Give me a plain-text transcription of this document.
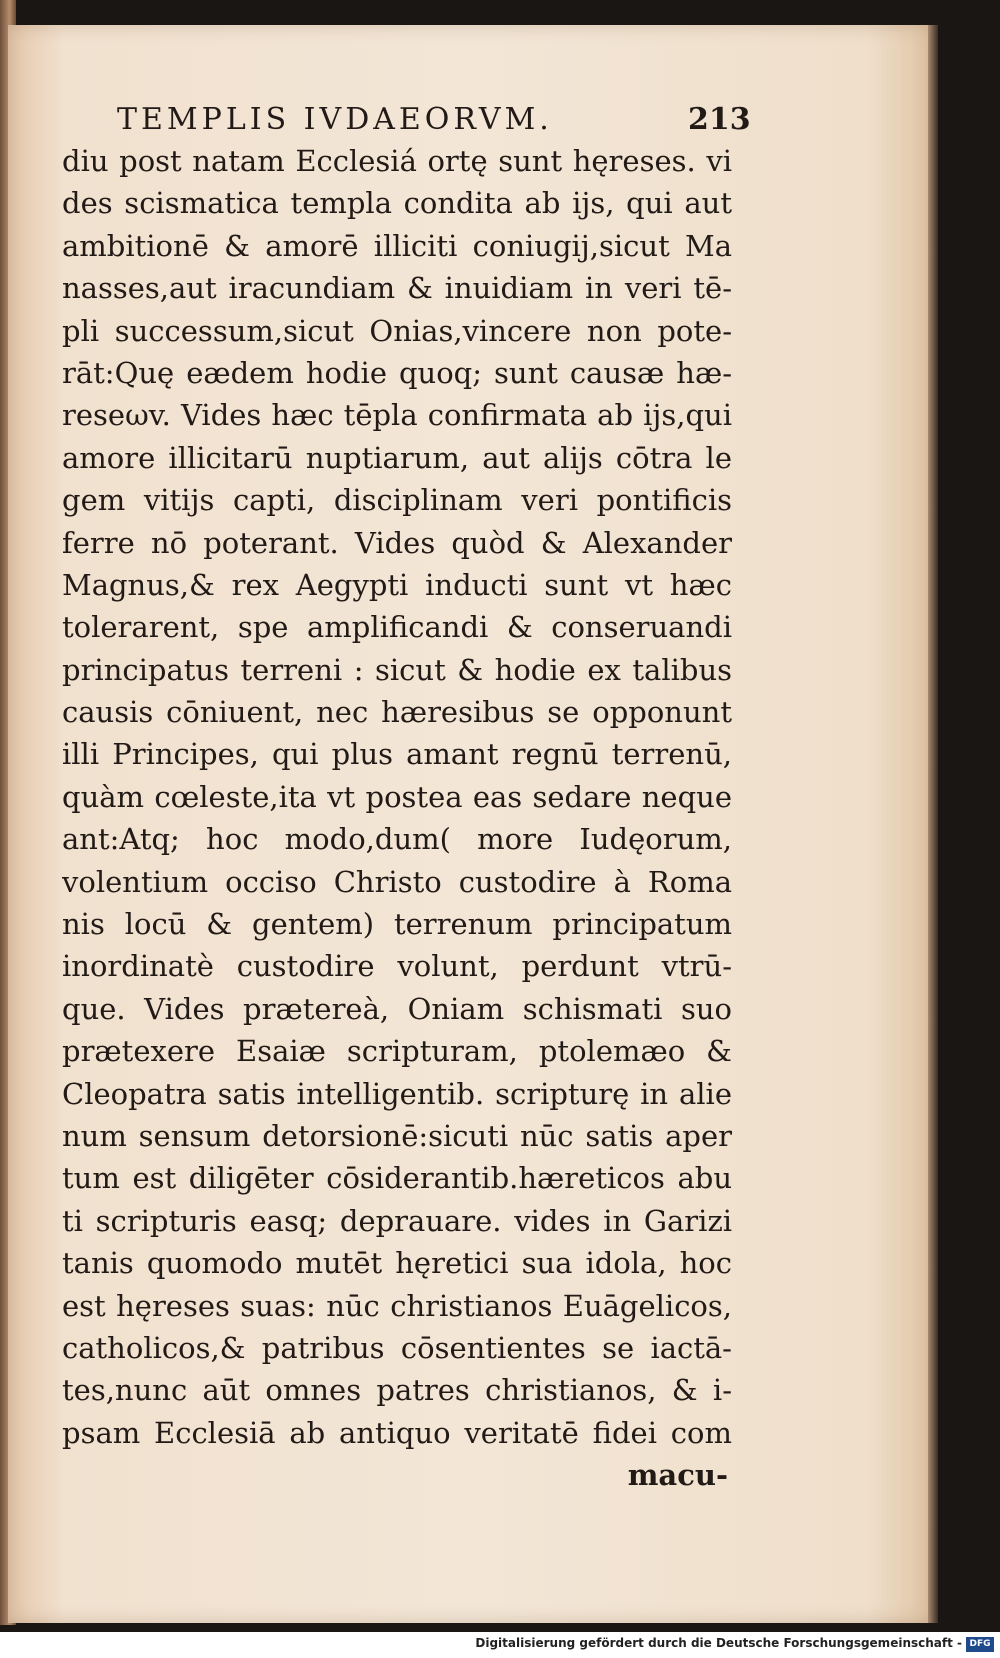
TEMPLIS IVDAEORVM.	213
diu post natam Ecclesiá ortę sunt hęreses. vi
des scismatica templa condita ab ijs, qui aut
ambitionē & amorē illiciti coniugij,sicut Ma
nasses,aut iracundiam & inuidiam in veri tē-
pli successum,sicut Onias,vincere non pote-
rāt:Quę eædem hodie quoq; sunt causæ hæ-
reseωv. Vides hæc tēpla confirmata ab ijs,qui
amore illicitarū nuptiarum, aut alijs cōtra le
gem vitijs capti, disciplinam veri pontificis
ferre nō poterant. Vides quòd & Alexander
Magnus,& rex Aegypti inducti sunt vt hæc
tolerarent, spe amplificandi & conseruandi
principatus terreni : sicut & hodie ex talibus
causis cōniuent, nec hæresibus se opponunt
illi Principes, qui plus amant regnū terrenū,
quàm cœleste,ita vt postea eas sedare neque
ant:Atq; hoc modo,dum( more Iudęorum,
volentium occiso Christo custodire à Roma
nis locū & gentem) terrenum principatum
inordinatè custodire volunt, perdunt vtrū-
que. Vides prætereà, Oniam schismati suo
prætexere Esaiæ scripturam, ptolemæo &
Cleopatra satis intelligentib. scripturę in alie
num sensum detorsionē:sicuti nūc satis aper
tum est diligēter cōsiderantib.hæreticos abu
ti scripturis easq; deprauare. vides in Garizi
tanis quomodo mutēt hęretici sua idola, hoc
est hęreses suas: nūc christianos Euāgelicos,
catholicos,& patribus cōsentientes se iactā-
tes,nunc aūt omnes patres christianos, & i-
psam Ecclesiā ab antiquo veritatē fidei com
macu-
Digitalisierung gefördert durch die Deutsche Forschungsgemeinschaft - DFG
